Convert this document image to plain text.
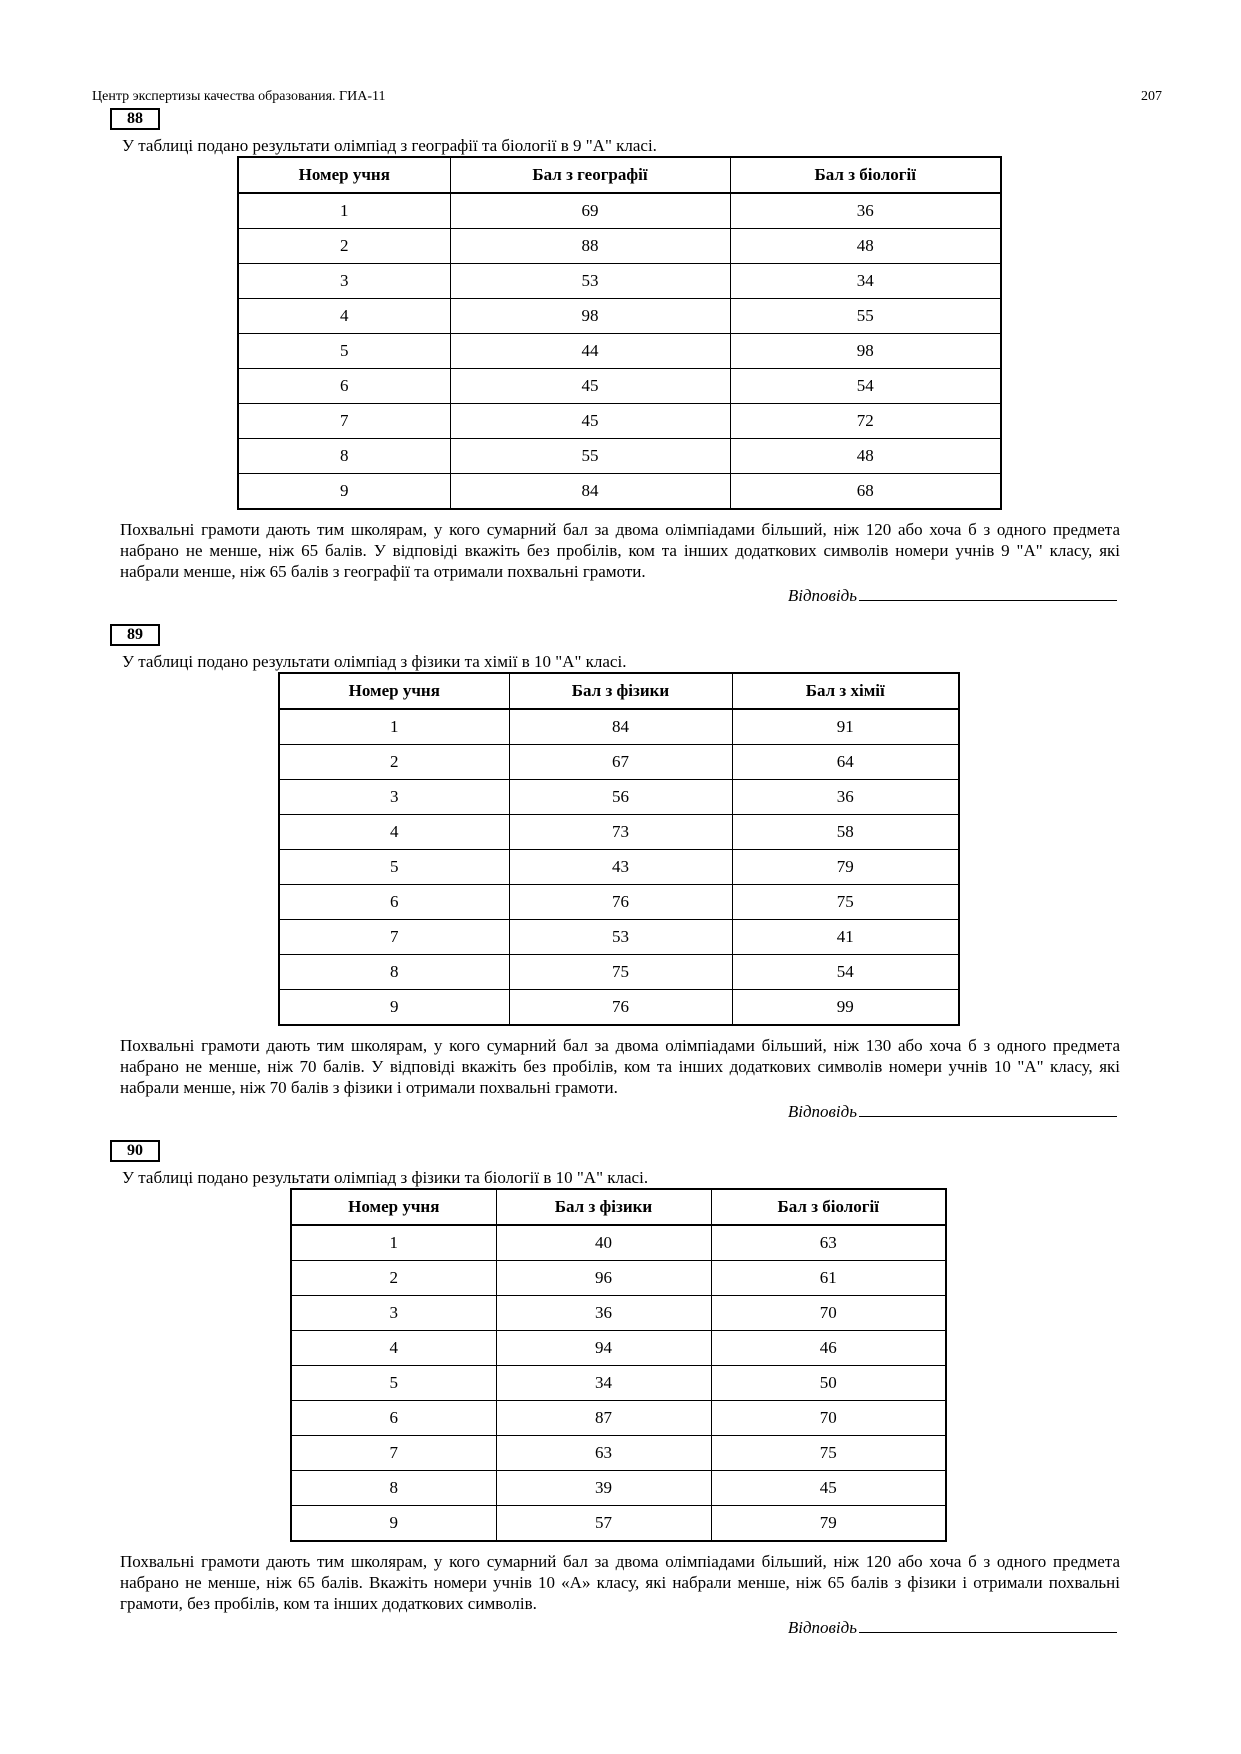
Центр экспертизы качества образования. ГИА-11	207
88
У таблиці подано результати олімпіад з географії та біології в 9 "А" класі.
Номер учня	Бал з географії	Бал з біології
1	69	36
2	88	48
3	53	34
4	98	55
5	44	98
6	45	54
7	45	72
8	55	48
9	84	68
Похвальні грамоти дають тим школярам, у кого сумарний бал за двома олімпіадами більший, ніж 120 або хоча б з одного предмета набрано не менше, ніж 65 балів. У відповіді вкажіть без пробілів, ком та інших додаткових символів номери учнів 9 "А" класу, які набрали менше, ніж 65 балів з географії та отримали похвальні грамоти.
Відповідь
89
У таблиці подано результати олімпіад з фізики та хімії в 10 "А" класі.
Номер учня	Бал з фізики	Бал з хімії
1	84	91
2	67	64
3	56	36
4	73	58
5	43	79
6	76	75
7	53	41
8	75	54
9	76	99
Похвальні грамоти дають тим школярам, у кого сумарний бал за двома олімпіадами більший, ніж 130 або хоча б з одного предмета набрано не менше, ніж 70 балів. У відповіді вкажіть без пробілів, ком та інших додаткових символів номери учнів 10 "А" класу, які набрали менше, ніж 70 балів з фізики і отримали похвальні грамоти.
Відповідь
90
У таблиці подано результати олімпіад з фізики та біології в 10 "А" класі.
Номер учня	Бал з фізики	Бал з біології
1	40	63
2	96	61
3	36	70
4	94	46
5	34	50
6	87	70
7	63	75
8	39	45
9	57	79
Похвальні грамоти дають тим школярам, у кого сумарний бал за двома олімпіадами більший, ніж 120 або хоча б з одного предмета набрано не менше, ніж 65 балів. Вкажіть номери учнів 10 «А» класу, які набрали менше, ніж 65 балів з фізики і отримали похвальні грамоти, без пробілів, ком та інших додаткових символів.
Відповідь
